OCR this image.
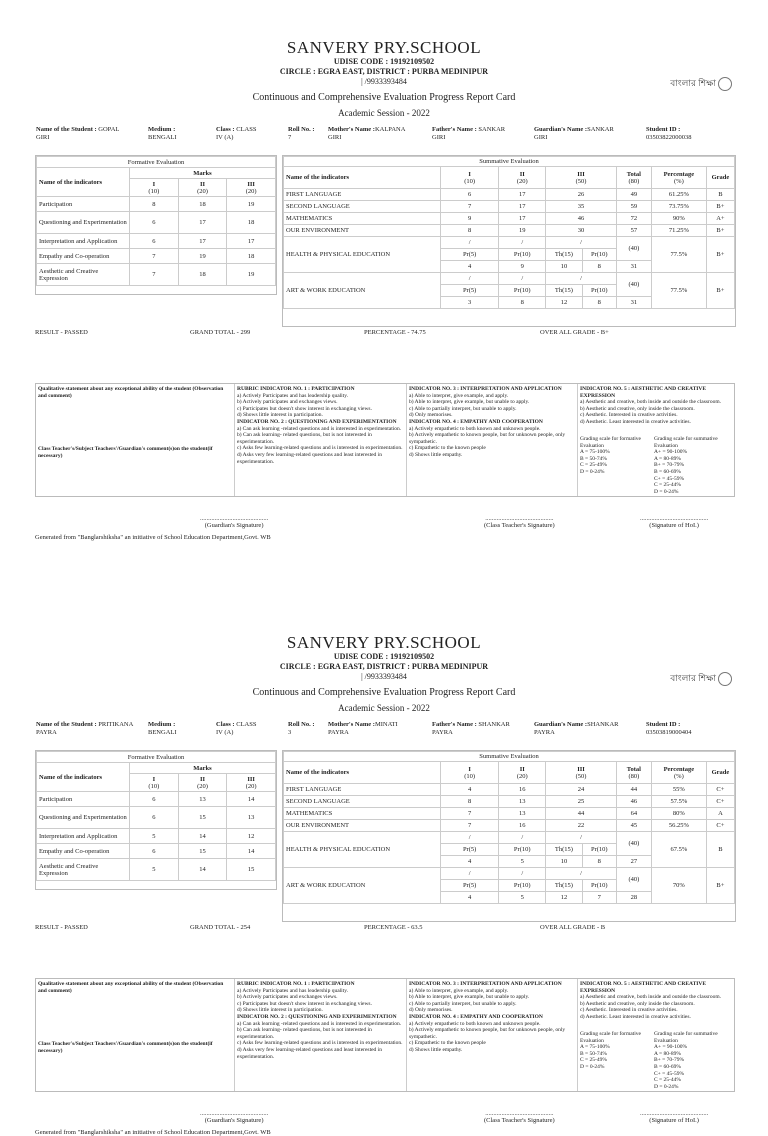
SANVERY PRY.SCHOOL
UDISE CODE : 19192109502
CIRCLE : EGRA EAST, DISTRICT : PURBA MEDINIPUR
| /9933393484
Continuous and Comprehensive Evaluation Progress Report Card
Academic Session - 2022
বাংলার শিক্ষা
Name of the Student : GOPAL
GIRI
Medium :
BENGALI
Class : CLASS
IV (A)
Roll No. :
7
Mother's Name :KALPANA
GIRI
Father's Name : SANKAR
GIRI
Guardian's Name :SANKAR
GIRI
Student ID :
03503822000038
Formative Evaluation			
Name of the indicators	Marks		
	I
(10)	II
(20)	III
(20)
Participation	8	18	19
Questioning and Experimentation	6	17	18
Interpretation and Application	6	17	17
Empathy and Co-operation	7	19	18
Aesthetic and Creative Expression	7	18	19
Summative Evaluation							
Name of the indicators	I
(10)	II
(20)	III
(50)		Total
(80)	Percentage
(%)	Grade
FIRST LANGUAGE	6	17	26		49	61.25%	B
SECOND LANGUAGE	7	17	35		59	73.75%	B+
MATHEMATICS	9	17	46		72	90%	A+
OUR ENVIRONMENT	8	19	30		57	71.25%	B+
HEALTH & PHYSICAL EDUCATION	/	/	/		(40)	77.5%	B+
	Pr(5)	Pr(10)	Th(15)	Pr(10)			
	4	9	10	8	31		
ART & WORK EDUCATION	/	/	/		(40)	77.5%	B+
	Pr(5)	Pr(10)	Th(15)	Pr(10)			
	3	8	12	8	31		
RESULT - PASSED	GRAND TOTAL - 299	PERCENTAGE - 74.75	OVER ALL GRADE - B+
Qualitative statement about any exceptional ability of the student (Observation and comment)
Class Teacher's/Subject Teachers'/Guardian's comment(s)on the student(if necessary)
RUBRIC INDICATOR NO. 1 : PARTICIPATION
a) Actively Participates and has leadership quality.
b) Actively participates and exchanges views.
c) Participates but doesn't show interest in exchanging views.
d) Shows little interest in participation.
INDICATOR NO. 2 : QUESTIONING AND EXPERIMENTATION
a) Can ask learning -related questions and is interested in experimentation.
b) Can ask learning- related questions, but is not interested in experimentation.
c) Asks few learning-related questions and is interested in experimentation.
d) Asks very few learning-related questions and least interested in experimentation.
INDICATOR NO. 3 : INTERPRETATION AND APPLICATION
a) Able to interpret, give example, and apply.
b) Able to interpret, give example, but unable to apply.
c) Able to partially interpret, but unable to apply.
d) Only memorises.
INDICATOR NO. 4 : EMPATHY AND COOPERATION
a) Actively empathetic to both known and unknown people.
b) Actively empathetic to known people, but for unknown people, only sympathetic.
c) Empathetic to the known people
d) Shows little empathy.
INDICATOR NO. 5 : AESTHETIC AND CREATIVE EXPRESSION
a) Aesthetic and creative, both inside and outside the classroom.
b) Aesthetic and creative, only inside the classroom.
c) Aesthetic. Interested in creative activities.
d) Aesthetic. Least interested in creative activities.
Grading scale for formative Evaluation
A = 75-100%
B = 50-74%
C = 25-49%
D = 0-24%
Grading scale for summative Evaluation
A+ = 90-100%
A = 80-89%
B+ = 70-79%
B = 60-69%
C+ = 45-59%
C = 25-44%
D = 0-24%
..........................................
(Guardian's Signature)
..........................................
(Class Teacher's Signature)
..........................................
(Signature of HoI.)
Generated from "Banglarshiksha" an initiative of School Education Department,Govt. WB
SANVERY PRY.SCHOOL
UDISE CODE : 19192109502
CIRCLE : EGRA EAST, DISTRICT : PURBA MEDINIPUR
| /9933393484
Continuous and Comprehensive Evaluation Progress Report Card
Academic Session - 2022
বাংলার শিক্ষা
Name of the Student : PRITIKANA
PAYRA
Medium :
BENGALI
Class : CLASS
IV (A)
Roll No. :
3
Mother's Name :MINATI
PAYRA
Father's Name : SHANKAR
PAYRA
Guardian's Name :SHANKAR
PAYRA
Student ID :
03503819000404
Formative Evaluation			
Name of the indicators	Marks		
	I
(10)	II
(20)	III
(20)
Participation	6	13	14
Questioning and Experimentation	6	15	13
Interpretation and Application	5	14	12
Empathy and Co-operation	6	15	14
Aesthetic and Creative Expression	5	14	15
Summative Evaluation							
Name of the indicators	I
(10)	II
(20)	III
(50)		Total
(80)	Percentage
(%)	Grade
FIRST LANGUAGE	4	16	24		44	55%	C+
SECOND LANGUAGE	8	13	25		46	57.5%	C+
MATHEMATICS	7	13	44		64	80%	A
OUR ENVIRONMENT	7	16	22		45	56.25%	C+
HEALTH & PHYSICAL EDUCATION	/	/	/		(40)	67.5%	B
	Pr(5)	Pr(10)	Th(15)	Pr(10)			
	4	5	10	8	27		
ART & WORK EDUCATION	/	/	/		(40)	70%	B+
	Pr(5)	Pr(10)	Th(15)	Pr(10)			
	4	5	12	7	28		
RESULT - PASSED	GRAND TOTAL - 254	PERCENTAGE - 63.5	OVER ALL GRADE - B
Qualitative statement about any exceptional ability of the student (Observation and comment)
Class Teacher's/Subject Teachers'/Guardian's comment(s)on the student(if necessary)
RUBRIC INDICATOR NO. 1 : PARTICIPATION
a) Actively Participates and has leadership quality.
b) Actively participates and exchanges views.
c) Participates but doesn't show interest in exchanging views.
d) Shows little interest in participation.
INDICATOR NO. 2 : QUESTIONING AND EXPERIMENTATION
a) Can ask learning -related questions and is interested in experimentation.
b) Can ask learning- related questions, but is not interested in experimentation.
c) Asks few learning-related questions and is interested in experimentation.
d) Asks very few learning-related questions and least interested in experimentation.
INDICATOR NO. 3 : INTERPRETATION AND APPLICATION
a) Able to interpret, give example, and apply.
b) Able to interpret, give example, but unable to apply.
c) Able to partially interpret, but unable to apply.
d) Only memorises.
INDICATOR NO. 4 : EMPATHY AND COOPERATION
a) Actively empathetic to both known and unknown people.
b) Actively empathetic to known people, but for unknown people, only sympathetic.
c) Empathetic to the known people
d) Shows little empathy.
INDICATOR NO. 5 : AESTHETIC AND CREATIVE EXPRESSION
a) Aesthetic and creative, both inside and outside the classroom.
b) Aesthetic and creative, only inside the classroom.
c) Aesthetic. Interested in creative activities.
d) Aesthetic. Least interested in creative activities.
Grading scale for formative Evaluation
A = 75-100%
B = 50-74%
C = 25-49%
D = 0-24%
Grading scale for summative Evaluation
A+ = 90-100%
A = 80-89%
B+ = 70-79%
B = 60-69%
C+ = 45-59%
C = 25-44%
D = 0-24%
..........................................
(Guardian's Signature)
..........................................
(Class Teacher's Signature)
..........................................
(Signature of HoI.)
Generated from "Banglarshiksha" an initiative of School Education Department,Govt. WB
